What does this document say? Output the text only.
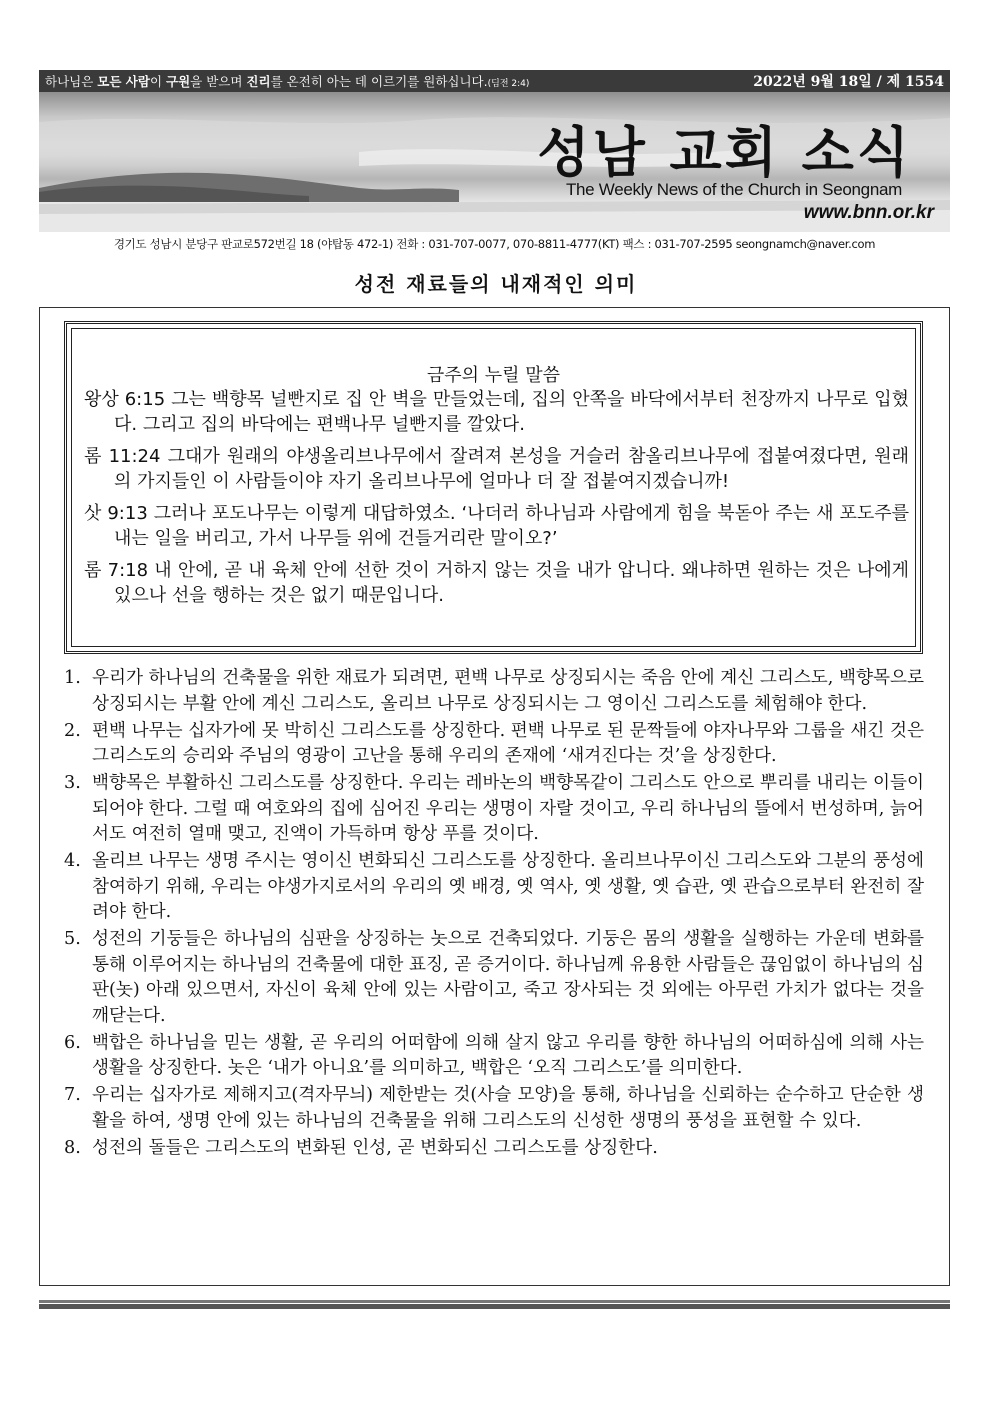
하나님은 모든 사람이 구원을 받으며 진리를 온전히 아는 데 이르기를 원하십니다.(딤전 2:4)	2022년 9월 18일 / 제 1554
성남 교회 소식
The Weekly News of the Church in Seongnam
www.bnn.or.kr
경기도 성남시 분당구 판교로572번길 18 (야탑동 472-1) 전화 : 031-707-0077, 070-8811-4777(KT) 팩스 : 031-707-2595 seongnamch@naver.com
성전 재료들의 내재적인 의미
금주의 누릴 말씀
왕상 6:15 그는 백향목 널빤지로 집 안 벽을 만들었는데, 집의 안쪽을 바닥에서부터 천장까지 나무로 입혔다. 그리고 집의 바닥에는 편백나무 널빤지를 깔았다.
롬 11:24 그대가 원래의 야생올리브나무에서 잘려져 본성을 거슬러 참올리브나무에 접붙여졌다면, 원래의 가지들인 이 사람들이야 자기 올리브나무에 얼마나 더 잘 접붙여지겠습니까!
삿 9:13 그러나 포도나무는 이렇게 대답하였소. ‘나더러 하나님과 사람에게 힘을 북돋아 주는 새 포도주를 내는 일을 버리고, 가서 나무들 위에 건들거리란 말이오?’
롬 7:18 내 안에, 곧 내 육체 안에 선한 것이 거하지 않는 것을 내가 압니다. 왜냐하면 원하는 것은 나에게 있으나 선을 행하는 것은 없기 때문입니다.
1. 우리가 하나님의 건축물을 위한 재료가 되려면, 편백 나무로 상징되시는 죽음 안에 계신 그리스도, 백향목으로 상징되시는 부활 안에 계신 그리스도, 올리브 나무로 상징되시는 그 영이신 그리스도를 체험해야 한다.
2. 편백 나무는 십자가에 못 박히신 그리스도를 상징한다. 편백 나무로 된 문짝들에 야자나무와 그룹을 새긴 것은 그리스도의 승리와 주님의 영광이 고난을 통해 우리의 존재에 ‘새겨진다는 것’을 상징한다.
3. 백향목은 부활하신 그리스도를 상징한다. 우리는 레바논의 백향목같이 그리스도 안으로 뿌리를 내리는 이들이 되어야 한다. 그럴 때 여호와의 집에 심어진 우리는 생명이 자랄 것이고, 우리 하나님의 뜰에서 번성하며, 늙어서도 여전히 열매 맺고, 진액이 가득하며 항상 푸를 것이다.
4. 올리브 나무는 생명 주시는 영이신 변화되신 그리스도를 상징한다. 올리브나무이신 그리스도와 그분의 풍성에 참여하기 위해, 우리는 야생가지로서의 우리의 옛 배경, 옛 역사, 옛 생활, 옛 습관, 옛 관습으로부터 완전히 잘려야 한다.
5. 성전의 기둥들은 하나님의 심판을 상징하는 놋으로 건축되었다. 기둥은 몸의 생활을 실행하는 가운데 변화를 통해 이루어지는 하나님의 건축물에 대한 표징, 곧 증거이다. 하나님께 유용한 사람들은 끊임없이 하나님의 심판(놋) 아래 있으면서, 자신이 육체 안에 있는 사람이고, 죽고 장사되는 것 외에는 아무런 가치가 없다는 것을 깨닫는다.
6. 백합은 하나님을 믿는 생활, 곧 우리의 어떠함에 의해 살지 않고 우리를 향한 하나님의 어떠하심에 의해 사는 생활을 상징한다. 놋은 ‘내가 아니요’를 의미하고, 백합은 ‘오직 그리스도’를 의미한다.
7. 우리는 십자가로 제해지고(격자무늬) 제한받는 것(사슬 모양)을 통해, 하나님을 신뢰하는 순수하고 단순한 생활을 하여, 생명 안에 있는 하나님의 건축물을 위해 그리스도의 신성한 생명의 풍성을 표현할 수 있다.
8. 성전의 돌들은 그리스도의 변화된 인성, 곧 변화되신 그리스도를 상징한다.
